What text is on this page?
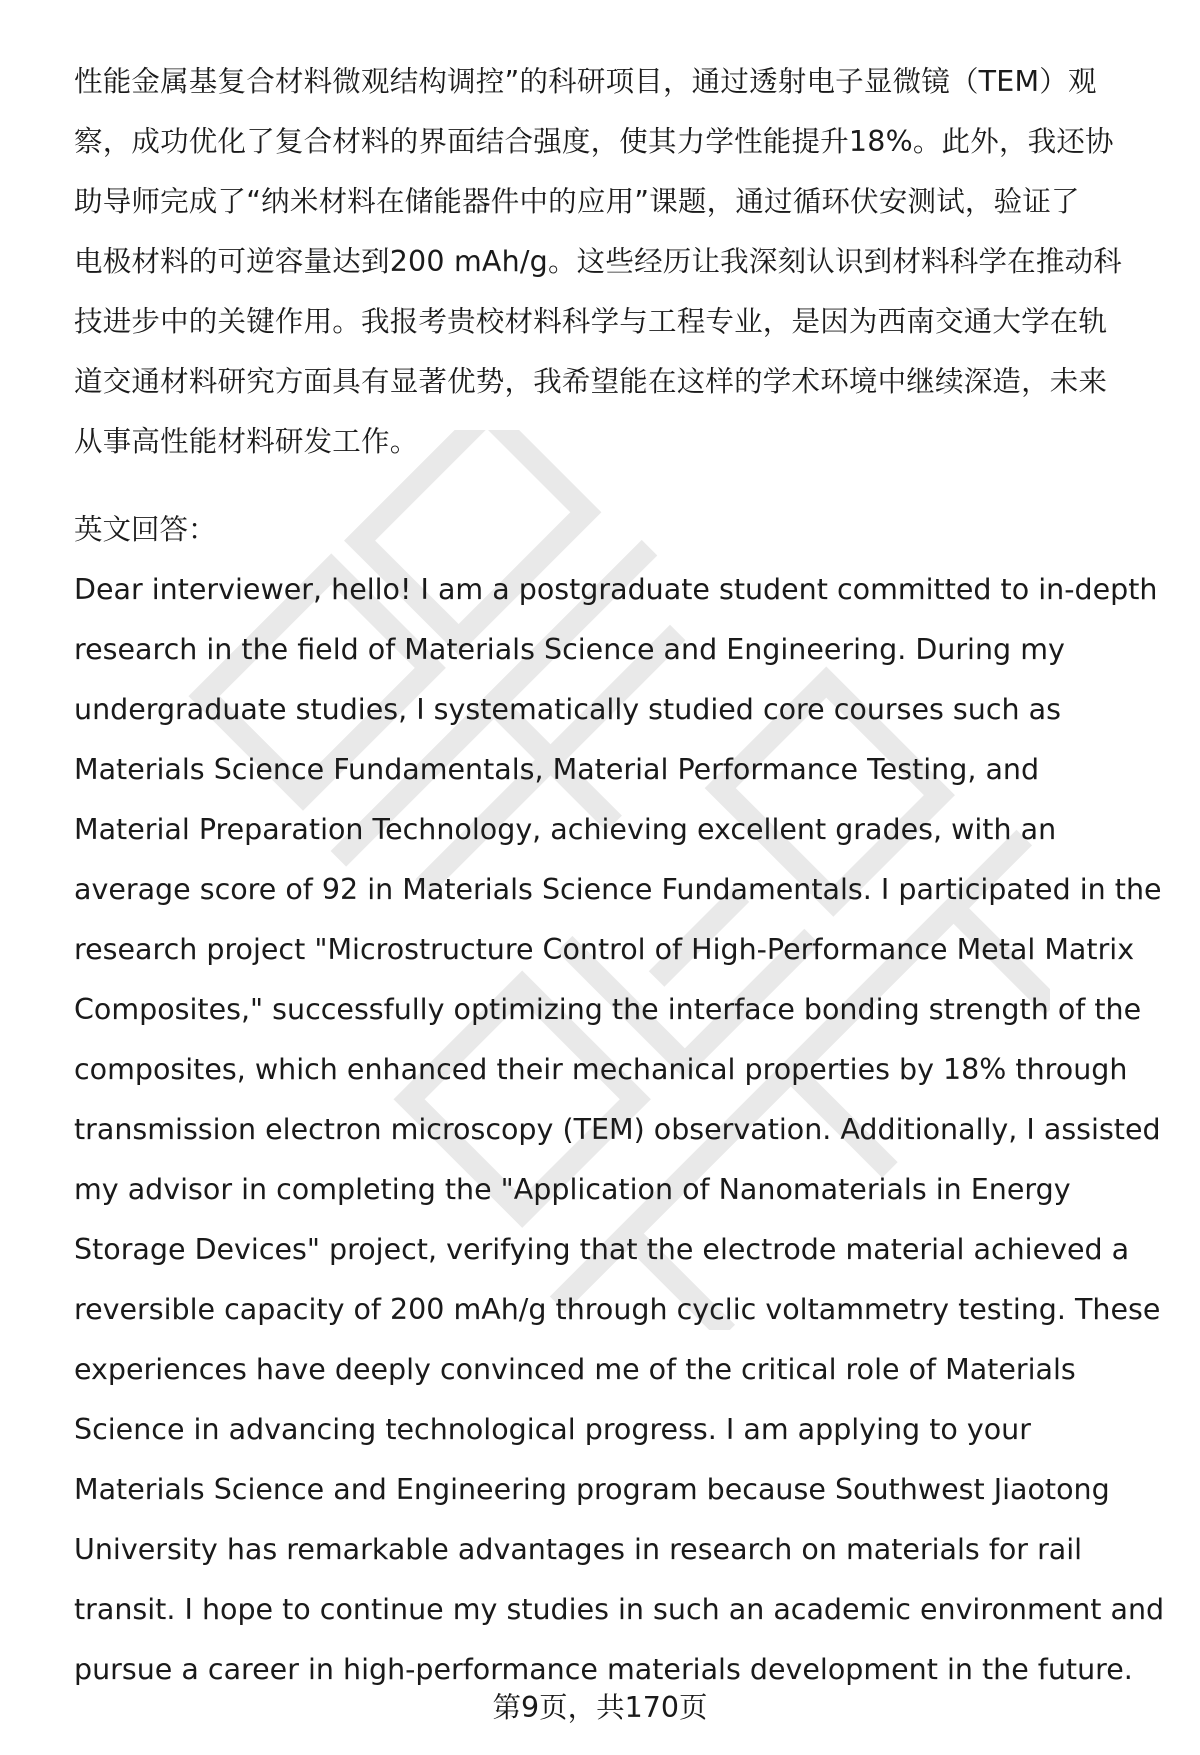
性能金属基复合材料微观结构调控”的科研项目，通过透射电子显微镜（TEM）观
察，成功优化了复合材料的界面结合强度，使其力学性能提升18%。此外，我还协
助导师完成了“纳米材料在储能器件中的应用”课题，通过循环伏安测试，验证了
电极材料的可逆容量达到200 mAh/g。这些经历让我深刻认识到材料科学在推动科
技进步中的关键作用。我报考贵校材料科学与工程专业，是因为西南交通大学在轨
道交通材料研究方面具有显著优势，我希望能在这样的学术环境中继续深造，未来
从事高性能材料研发工作。

英文回答：

Dear interviewer, hello! I am a postgraduate student committed to in-depth
research in the field of Materials Science and Engineering. During my
undergraduate studies, I systematically studied core courses such as
Materials Science Fundamentals, Material Performance Testing, and
Material Preparation Technology, achieving excellent grades, with an
average score of 92 in Materials Science Fundamentals. I participated in the
research project "Microstructure Control of High-Performance Metal Matrix
Composites," successfully optimizing the interface bonding strength of the
composites, which enhanced their mechanical properties by 18% through
transmission electron microscopy (TEM) observation. Additionally, I assisted
my advisor in completing the "Application of Nanomaterials in Energy
Storage Devices" project, verifying that the electrode material achieved a
reversible capacity of 200 mAh/g through cyclic voltammetry testing. These
experiences have deeply convinced me of the critical role of Materials
Science in advancing technological progress. I am applying to your
Materials Science and Engineering program because Southwest Jiaotong
University has remarkable advantages in research on materials for rail
transit. I hope to continue my studies in such an academic environment and
pursue a career in high-performance materials development in the future.

第9页，共170页
